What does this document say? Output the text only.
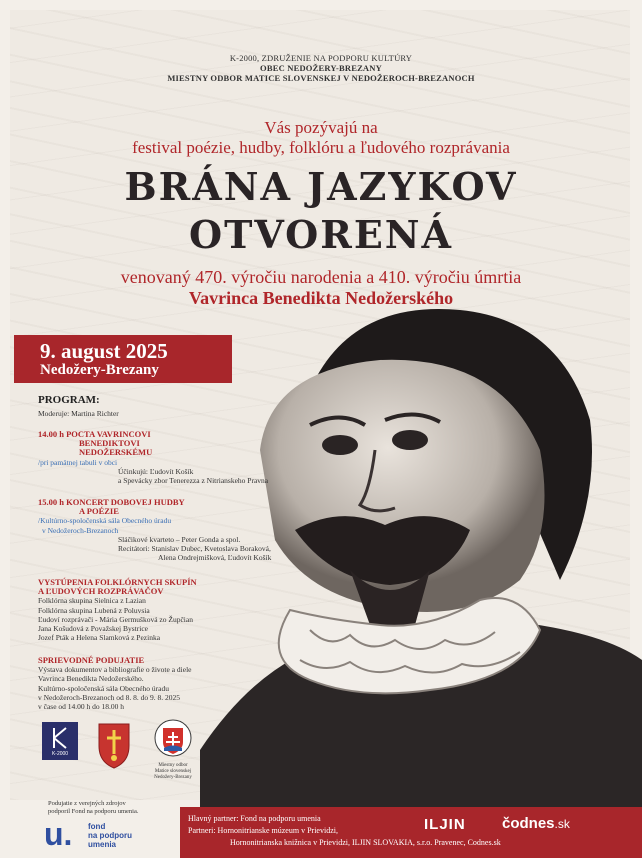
K-2000, ZDRUŽENIE NA PODPORU KULTÚRY
OBEC NEDOŽERY-BREZANY
MIESTNY ODBOR MATICE SLOVENSKEJ V NEDOŽEROCH-BREZANOCH
Vás pozývajú na
festival poézie, hudby, folklóru a ľudového rozprávania
BRÁNA JAZYKOV
OTVORENÁ
venovaný 470. výročiu narodenia a 410. výročiu úmrtia
Vavrinca Benedikta Nedožerského
9. august 2025
Nedožery-Brezany
PROGRAM:
Moderuje: Martina Richter
14.00 h POCTA VAVRINCOVI

BENEDIKTOVI
NEDOŽERSKÉMU
/pri pamätnej tabuli v obci

Účinkujú: Ľudovít Košík
a Spevácky zbor Tenerezza z Nitrianskeho Pravna
15.00 h KONCERT DOBOVEJ HUDBY

A POÉZIE
/Kultúrno-spoločenská sála Obecného úradu
v Nedožeroch-Brezanoch

Sláčikové kvarteto – Peter Gonda a spol.
Recitátori: Stanislav Dubec, Kvetoslava Boraková,
Alena Ondrejmišková, Ľudovít Košík
VYSTÚPENIA FOLKLÓRNYCH SKUPÍN
A ĽUDOVÝCH ROZPRÁVAČOV
Folklórna skupina Sielnica z Lazian
Folklórna skupina Lubená z Poluvsia
Ľudoví rozprávači - Mária Germušková zo Župčian
Jana Košudová z Považskej Bystrice
Jozef Pták a Helena Slamková z Pezinka
SPRIEVODNÉ PODUJATIE
Výstava dokumentov a bibliografie o živote a diele
Vavrinca Benedikta Nedožerského.
Kultúrno-spoločenská sála Obecného úradu
v Nedožeroch-Brezanoch od 8. 8. do 9. 8. 2025
v čase od 14.00 h do 18.00 h
K-2000
Miestny odbor
Matice slovenskej
Nedožery-Brezany
Podujatie z verejných zdrojov
podporil Fond na podporu umenia.
u. fond
na podporu
umenia
Hlavný partner: Fond na podporu umenia
Partneri: Hornonitrianske múzeum v Prievidzi,
Hornonitrianska knižnica v Prievidzi, ILJIN SLOVAKIA, s.r.o. Pravenec, Codnes.sk
ILJIN čodnes.sk
